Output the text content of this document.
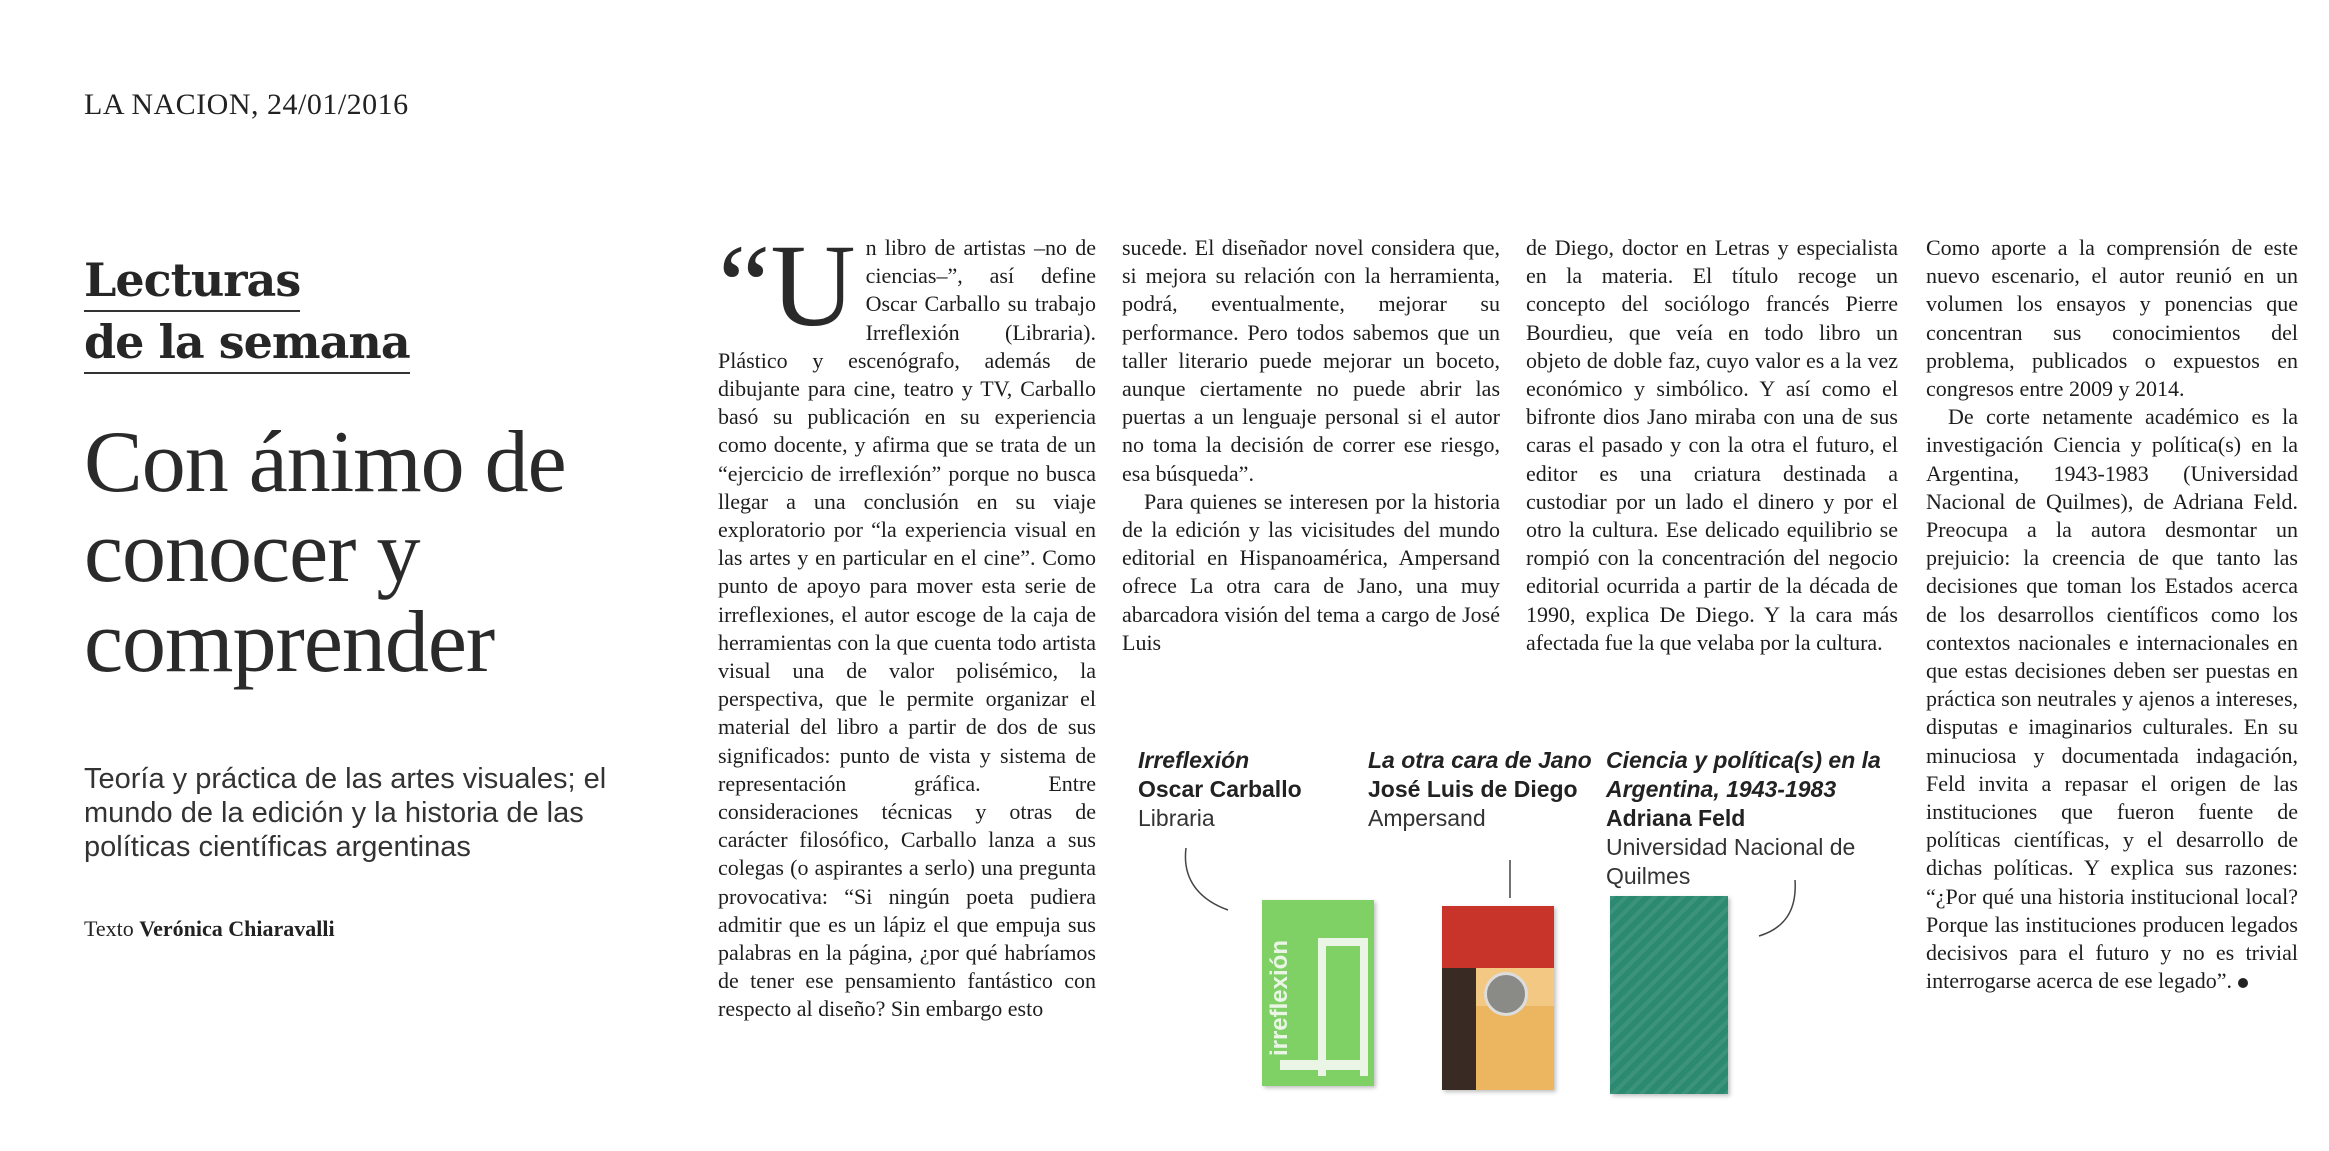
LA NACION, 24/01/2016
Lecturas
de la semana
Con ánimo de conocer y comprender
Teoría y práctica de las artes visuales; el mundo de la edición y la historia de las políticas científicas argentinas
Texto Verónica Chiaravalli
“U n libro de artistas –no de ciencias–”, así define Oscar Carballo su trabajo Irreflexión (Libraria). Plástico y escenógrafo, además de dibujante para cine, teatro y TV, Carballo basó su publicación en su experiencia como docente, y afirma que se trata de un “ejercicio de irreflexión” porque no busca llegar a una conclusión en su viaje exploratorio por “la experiencia visual en las artes y en particular en el cine”. Como punto de apoyo para mover esta serie de irreflexiones, el autor escoge de la caja de herramientas con la que cuenta todo artista visual una de valor polisémico, la perspectiva, que le permite organizar el material del libro a partir de dos de sus significados: punto de vista y sistema de representación gráfica. Entre consideraciones técnicas y otras de carácter filosófico, Carballo lanza a sus colegas (o aspirantes a serlo) una pregunta provocativa: “Si ningún poeta pudiera admitir que es un lápiz el que empuja sus palabras en la página, ¿por qué habríamos de tener ese pensamiento fantástico con respecto al diseño? Sin embargo esto

sucede. El diseñador novel considera que, si mejora su relación con la herramienta, podrá, eventualmente, mejorar su performance. Pero todos sabemos que un taller literario puede mejorar un boceto, aunque ciertamente no puede abrir las puertas a un lenguaje personal si el autor no toma la decisión de correr ese riesgo, esa búsqueda”.

Para quienes se interesen por la historia de la edición y las vicisitudes del mundo editorial en Hispanoamérica, Ampersand ofrece La otra cara de Jano, una muy abarcadora visión del tema a cargo de José Luis

de Diego, doctor en Letras y especialista en la materia. El título recoge un concepto del sociólogo francés Pierre Bourdieu, que veía en todo libro un objeto de doble faz, cuyo valor es a la vez económico y simbólico. Y así como el bifronte dios Jano miraba con una de sus caras el pasado y con la otra el futuro, el editor es una criatura destinada a custodiar por un lado el dinero y por el otro la cultura. Ese delicado equilibrio se rompió con la concentración del negocio editorial ocurrida a partir de la década de 1990, explica De Diego. Y la cara más afectada fue la que velaba por la cultura.

Como aporte a la comprensión de este nuevo escenario, el autor reunió en un volumen los ensayos y ponencias que concentran sus conocimientos del problema, publicados o expuestos en congresos entre 2009 y 2014.

De corte netamente académico es la investigación Ciencia y política(s) en la Argentina, 1943-1983 (Universidad Nacional de Quilmes), de Adriana Feld. Preocupa a la autora desmontar un prejuicio: la creencia de que tanto las decisiones que toman los Estados acerca de los desarrollos científicos como los contextos nacionales e internacionales en que estas decisiones deben ser puestas en práctica son neutrales y ajenos a intereses, disputas e imaginarios culturales. En su minuciosa y documentada indagación, Feld invita a repasar el origen de las instituciones que fueron fuente de políticas científicas, y el desarrollo de dichas políticas. Y explica sus razones: “¿Por qué una historia institucional local? Porque las instituciones producen legados decisivos para el futuro y no es trivial interrogarse acerca de ese legado”.

Irreflexión
Oscar Carballo
Libraria
La otra cara de Jano
José Luis de Diego
Ampersand
Ciencia y política(s) en la Argentina, 1943-1983
Adriana Feld
Universidad Nacional de Quilmes
irreflexión
